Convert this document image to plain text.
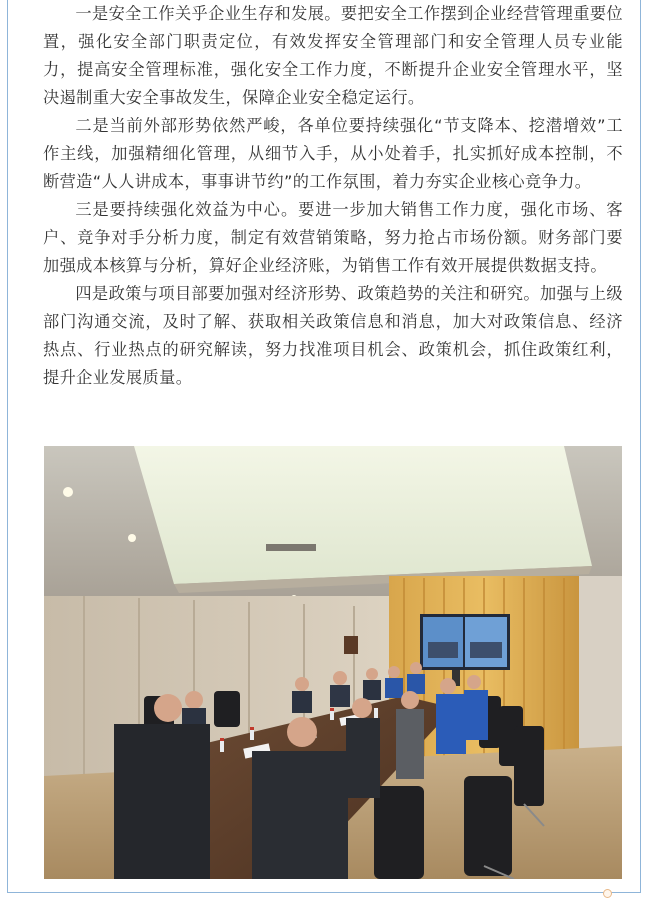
一是安全工作关乎企业生存和发展。要把安全工作摆到企业经营管理重要位置，强化安全部门职责定位，有效发挥安全管理部门和安全管理人员专业能力，提高安全管理标准，强化安全工作力度，不断提升企业安全管理水平，坚决遏制重大安全事故发生，保障企业安全稳定运行。

二是当前外部形势依然严峻，各单位要持续强化“节支降本、挖潜增效”工作主线，加强精细化管理，从细节入手，从小处着手，扎实抓好成本控制，不断营造“人人讲成本，事事讲节约”的工作氛围，着力夯实企业核心竞争力。

三是要持续强化效益为中心。要进一步加大销售工作力度，强化市场、客户、竞争对手分析力度，制定有效营销策略，努力抢占市场份额。财务部门要加强成本核算与分析，算好企业经济账，为销售工作有效开展提供数据支持。

四是政策与项目部要加强对经济形势、政策趋势的关注和研究。加强与上级部门沟通交流，及时了解、获取相关政策信息和消息，加大对政策信息、经济热点、行业热点的研究解读，努力找准项目机会、政策机会，抓住政策红利，提升企业发展质量。
